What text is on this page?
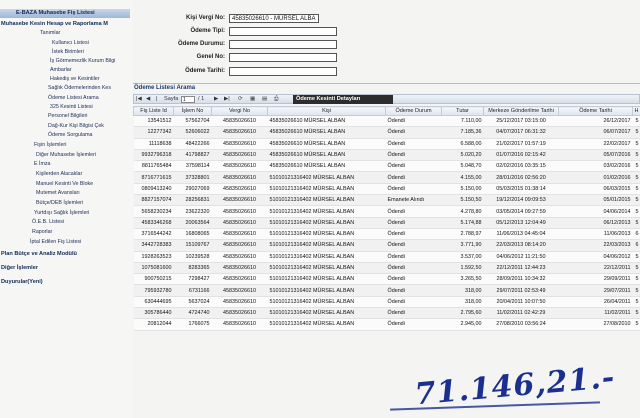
E-BAZA Muhasebe Fiş Listesi
Muhasebe Kesin Hesap ve Raporlama M
Tanımlar
Kullanıcı Listesi
İstek Birimleri
İş Görmemezlik Kurum Bilgi
Ambarlar
Hakediş ve Kesintiler
Sağlık Ödemelerinden Kes
Ödeme Listesi Arama
325 Kesinti Listesi
Personel Bilgileri
Dağ-Kur Kişi Bilgisi Çek
Ödeme Sorgulama
Fişin İşlemleri
Diğer Muhasebe İşlemleri
E İmza
Kişilerden Alacaklar
Manuel Kesinti Ve Bloke
Mutemet Avansları
Bütçe/DEB İşlemleri
Yurtdışı Sağlık İşlemleri
Ö.E.B. Listesi
Raporlar
İptal Edilen Fiş Listesi
Plan Bütçe ve Analiz Modülü
Diğer İşlemler
Duyurular(Yeni)
Kişi Vergi No:	45835026610 - MÜRSEL ALBA
Ödeme Tipi:
Ödeme Durumu:
Genel No:
Ödeme Tarihi:
Ödeme Listesi Arama
|◀ ◀ | Sayfa 1	/ 1 ▶ ▶| ⟳ ▦ ▤ ⎙	Ödeme Kesinti Detayları
Fiş Liste Id	İşlem No	Vergi No	Kişi	Ödeme Durum	Tutar	Merkeze Gönderilme Tarihi	Ödeme Tarihi	H
13541512	57562704	45835026610	45835026610 MÜRSEL ALBAN	Ödendi	7.110,00	25/12/2017 03:15:00	26/12/2017	5
12277342	52606022	45835026610	45835026610 MÜRSEL ALBAN	Ödendi	7.185,36	04/07/2017 06:31:32	06/07/2017	5
11118638	48422266	45835026610	45835026610 MÜRSEL ALBAN	Ödendi	6.588,00	21/02/2017 01:57:19	22/02/2017	5
9932796318	41798827	45835026610	45835026610 MÜRSEL ALBAN	Ödendi	5.020,20	01/07/2016 02:15:42	05/07/2016	5
8811765484	37598114	45835026610	45835026610 MÜRSEL ALBAN	Ödendi	5.048,70	02/02/2016 03:35:15	03/02/2016	5
8716771615	37328801	45835026610	51010121316402 MÜRSEL ALBAN	Ödendi	4.155,00	28/01/2016 02:56:20	01/02/2016	5
0809413240	29027069	45835026610	51010121316402 MÜRSEL ALBAN	Ödendi	5.150,00	05/03/2015 01:38:14	06/03/2015	5
8827157074	28256831	45835026610	51010121316402 MÜRSEL ALBAN	Emanete Alındı	5.150,50	19/12/2014 09:09:53	05/01/2015	5
5658230234	23622320	45835026610	51010121316402 MÜRSEL ALBAN	Ödendi	4.278,80	03/05/2014 09:27:59	04/06/2014	5
4583346268	20063564	45835026610	51010121316402 MÜRSEL ALBAN	Ödendi	5.174,88	05/12/2013 12:04:49	06/12/2013	5
3716544242	16808065	45835026610	51010121316402 MÜRSEL ALBAN	Ödendi	2.788,97	11/06/2013 04:45:04	11/06/2013	6
3442728383	15109767	45835026610	51010121316402 MÜRSEL ALBAN	Ödendi	3.771,90	22/03/2013 08:14:20	22/03/2013	6
1928263523	10239528	45835026610	51010121316402 MÜRSEL ALBAN	Ödendi	3.537,00	04/06/2012 11:21:50	04/06/2012	5
1075081600	8283365	45835026610	51010121316402 MÜRSEL ALBAN	Ödendi	1.592,50	22/12/2011 12:44:23	22/12/2011	5
900750215	7298427	45835026610	51010121316402 MÜRSEL ALBAN	Ödendi	3.265,50	28/09/2011 10:34:32	29/09/2011	5
795932780	6731166	45835026610	51010121316402 MÜRSEL ALBAN	Ödendi	318,00	29/07/2011 02:53:49	29/07/2011	5
630444695	5637024	45835026610	51010121316402 MÜRSEL ALBAN	Ödendi	318,00	20/04/2011 10:07:50	26/04/2011	5
305786440	4724740	45835026610	51010121316402 MÜRSEL ALBAN	Ödendi	2.795,60	11/02/2011 02:42:29	11/02/2011	5
20812044	1766075	45835026610	51010121316402 MÜRSEL ALBAN	Ödendi	2.945,00	27/08/2010 03:56:24	27/08/2010	5
71.146,21.-
